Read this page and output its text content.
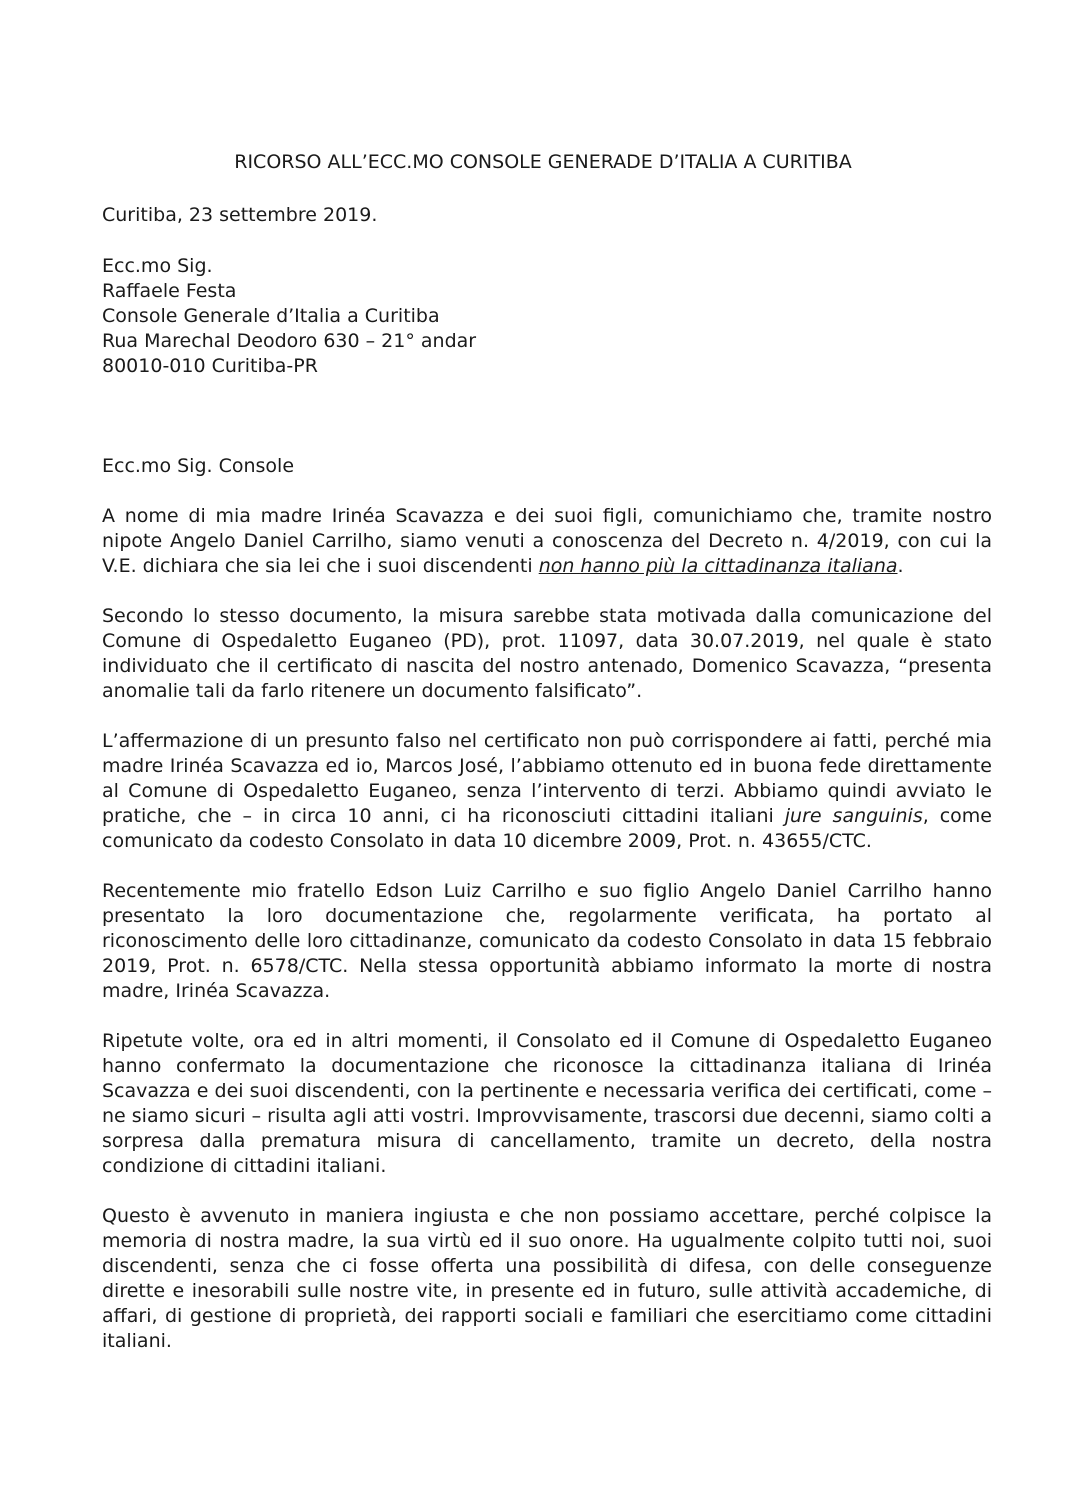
RICORSO ALL’ECC.MO CONSOLE GENERADE D’ITALIA A CURITIBA
Curitiba, 23 settembre 2019.
Ecc.mo Sig.
Raffaele Festa
Console Generale d’Italia a Curitiba
Rua Marechal Deodoro 630 – 21° andar
80010-010 Curitiba-PR
Ecc.mo Sig. Console

A nome di mia madre Irinéa Scavazza e dei suoi figli, comunichiamo che, tramite nostro nipote Angelo Daniel Carrilho, siamo venuti a conoscenza del Decreto n. 4/2019, con cui la V.E. dichiara che sia lei che i suoi discendenti non hanno più la cittadinanza italiana.

Secondo lo stesso documento, la misura sarebbe stata motivada dalla comunicazione del Comune di Ospedaletto Euganeo (PD), prot. 11097, data 30.07.2019, nel quale è stato individuato che il certificato di nascita del nostro antenado, Domenico Scavazza, “presenta anomalie tali da farlo ritenere un documento falsificato”.

L’affermazione di un presunto falso nel certificato non può corrispondere ai fatti, perché mia madre Irinéa Scavazza ed io, Marcos José, l’abbiamo ottenuto ed in buona fede direttamente al Comune di Ospedaletto Euganeo, senza l’intervento di terzi. Abbiamo quindi avviato le pratiche, che – in circa 10 anni, ci ha riconosciuti cittadini italiani jure sanguinis, come comunicato da codesto Consolato in data 10 dicembre 2009, Prot. n. 43655/CTC.

Recentemente mio fratello Edson Luiz Carrilho e suo figlio Angelo Daniel Carrilho hanno presentato la loro documentazione che, regolarmente verificata, ha portato al riconoscimento delle loro cittadinanze, comunicato da codesto Consolato in data 15 febbraio 2019, Prot. n. 6578/CTC. Nella stessa opportunità abbiamo informato la morte di nostra madre, Irinéa Scavazza.

Ripetute volte, ora ed in altri momenti, il Consolato ed il Comune di Ospedaletto Euganeo hanno confermato la documentazione che riconosce la cittadinanza italiana di Irinéa Scavazza e dei suoi discendenti, con la pertinente e necessaria verifica dei certificati, come – ne siamo sicuri – risulta agli atti vostri. Improvvisamente, trascorsi due decenni, siamo colti a sorpresa dalla prematura misura di cancellamento, tramite un decreto, della nostra condizione di cittadini italiani.

Questo è avvenuto in maniera ingiusta e che non possiamo accettare, perché colpisce la memoria di nostra madre, la sua virtù ed il suo onore. Ha ugualmente colpito tutti noi, suoi discendenti, senza che ci fosse offerta una possibilità di difesa, con delle conseguenze dirette e inesorabili sulle nostre vite, in presente ed in futuro, sulle attività accademiche, di affari, di gestione di proprietà, dei rapporti sociali e familiari che esercitiamo come cittadini italiani.
